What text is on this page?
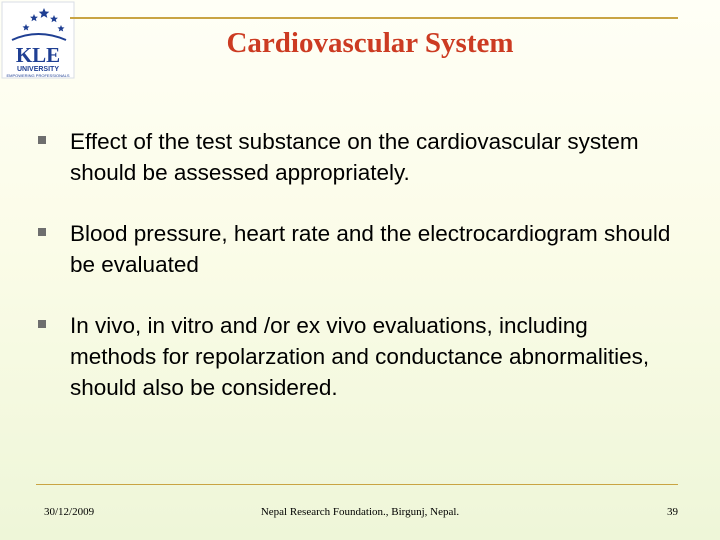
KLE
UNIVERSITY
EMPOWERING PROFESSIONALS
Cardiovascular System
Effect of the test substance on the cardiovascular system should be assessed appropriately.
Blood pressure, heart rate and the electrocardiogram should be evaluated
In vivo, in vitro and /or ex vivo evaluations, including methods for repolarzation and conductance abnormalities, should also be considered.
30/12/2009	Nepal Research Foundation., Birgunj, Nepal.	39
